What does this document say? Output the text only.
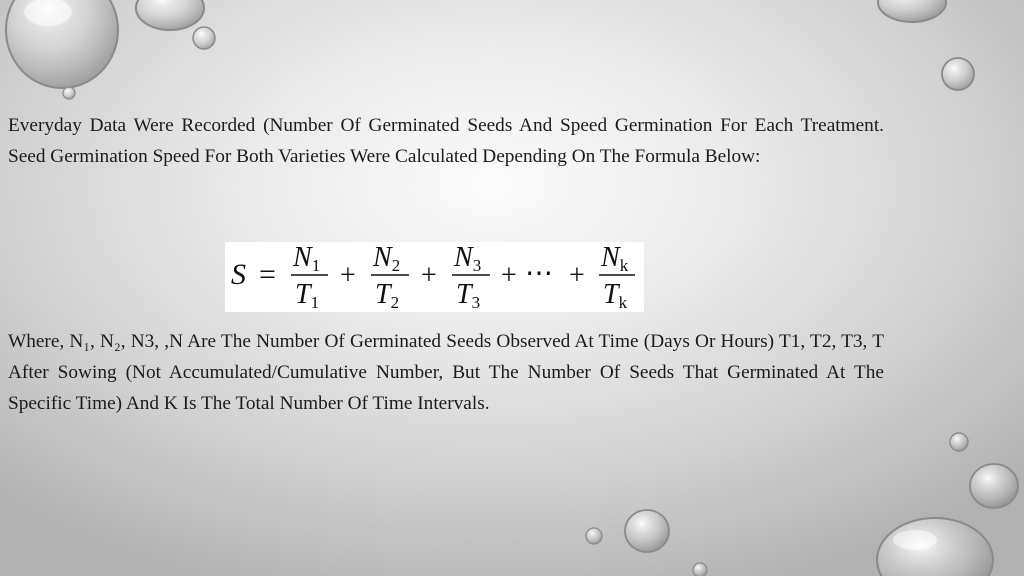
Everyday Data Were Recorded (Number Of Germinated Seeds And Speed Germination For Each Treatment. Seed Germination Speed For Both Varieties Were Calculated Depending On The Formula Below:

S =
N1
T1
+
N2
T2
+
N3
T3
+ ⋯ +
Nk
Tk

Where, N₁, N₂, N3, ,N Are The Number Of Germinated Seeds Observed At Time (Days Or Hours) T1, T2, T3, T After Sowing (Not Accumulated/Cumulative Number, But The Number Of Seeds That Germinated At The Specific Time) And K Is The Total Number Of Time Intervals.
